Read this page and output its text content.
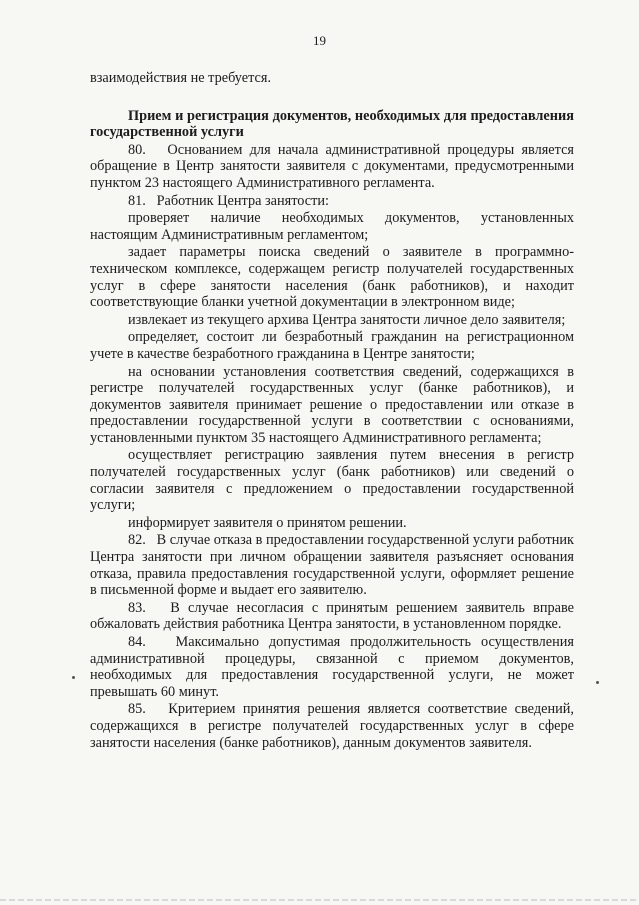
19

взаимодействия не требуется.

Прием и регистрация документов, необходимых для предоставления государственной услуги

80.   Основанием для начала административной процедуры является обращение в Центр занятости заявителя с документами, предусмотренными пунктом 23 настоящего Административного регламента.

81.   Работник Центра занятости:

проверяет наличие необходимых документов, установленных настоящим Административным регламентом;

задает параметры поиска сведений о заявителе в программно-техническом комплексе, содержащем регистр получателей государственных услуг в сфере занятости населения (банк работников), и находит соответствующие бланки учетной документации в электронном виде;

извлекает из текущего архива Центра занятости личное дело заявителя;

определяет, состоит ли безработный гражданин на регистрационном учете в качестве безработного гражданина в Центре занятости;

на основании установления соответствия сведений, содержащихся в регистре получателей государственных услуг (банке работников), и документов заявителя принимает решение о предоставлении или отказе в предоставлении государственной услуги в соответствии с основаниями, установленными пунктом 35 настоящего Административного регламента;

осуществляет регистрацию заявления путем внесения в регистр получателей государственных услуг (банк работников) или сведений о согласии заявителя с предложением о предоставлении государственной услуги;

информирует заявителя о принятом решении.

82.   В случае отказа в предоставлении государственной услуги работник Центра занятости при личном обращении заявителя разъясняет основания отказа, правила предоставления государственной услуги, оформляет решение в письменной форме и выдает его заявителю.

83.   В случае несогласия с принятым решением заявитель вправе обжаловать действия работника Центра занятости, в установленном порядке.

84.   Максимально допустимая продолжительность осуществления административной процедуры, связанной с приемом документов, необходимых для предоставления государственной услуги, не может превышать 60 минут.

85.   Критерием принятия решения является соответствие сведений, содержащихся в регистре получателей государственных услуг в сфере занятости населения (банке работников), данным документов заявителя.
